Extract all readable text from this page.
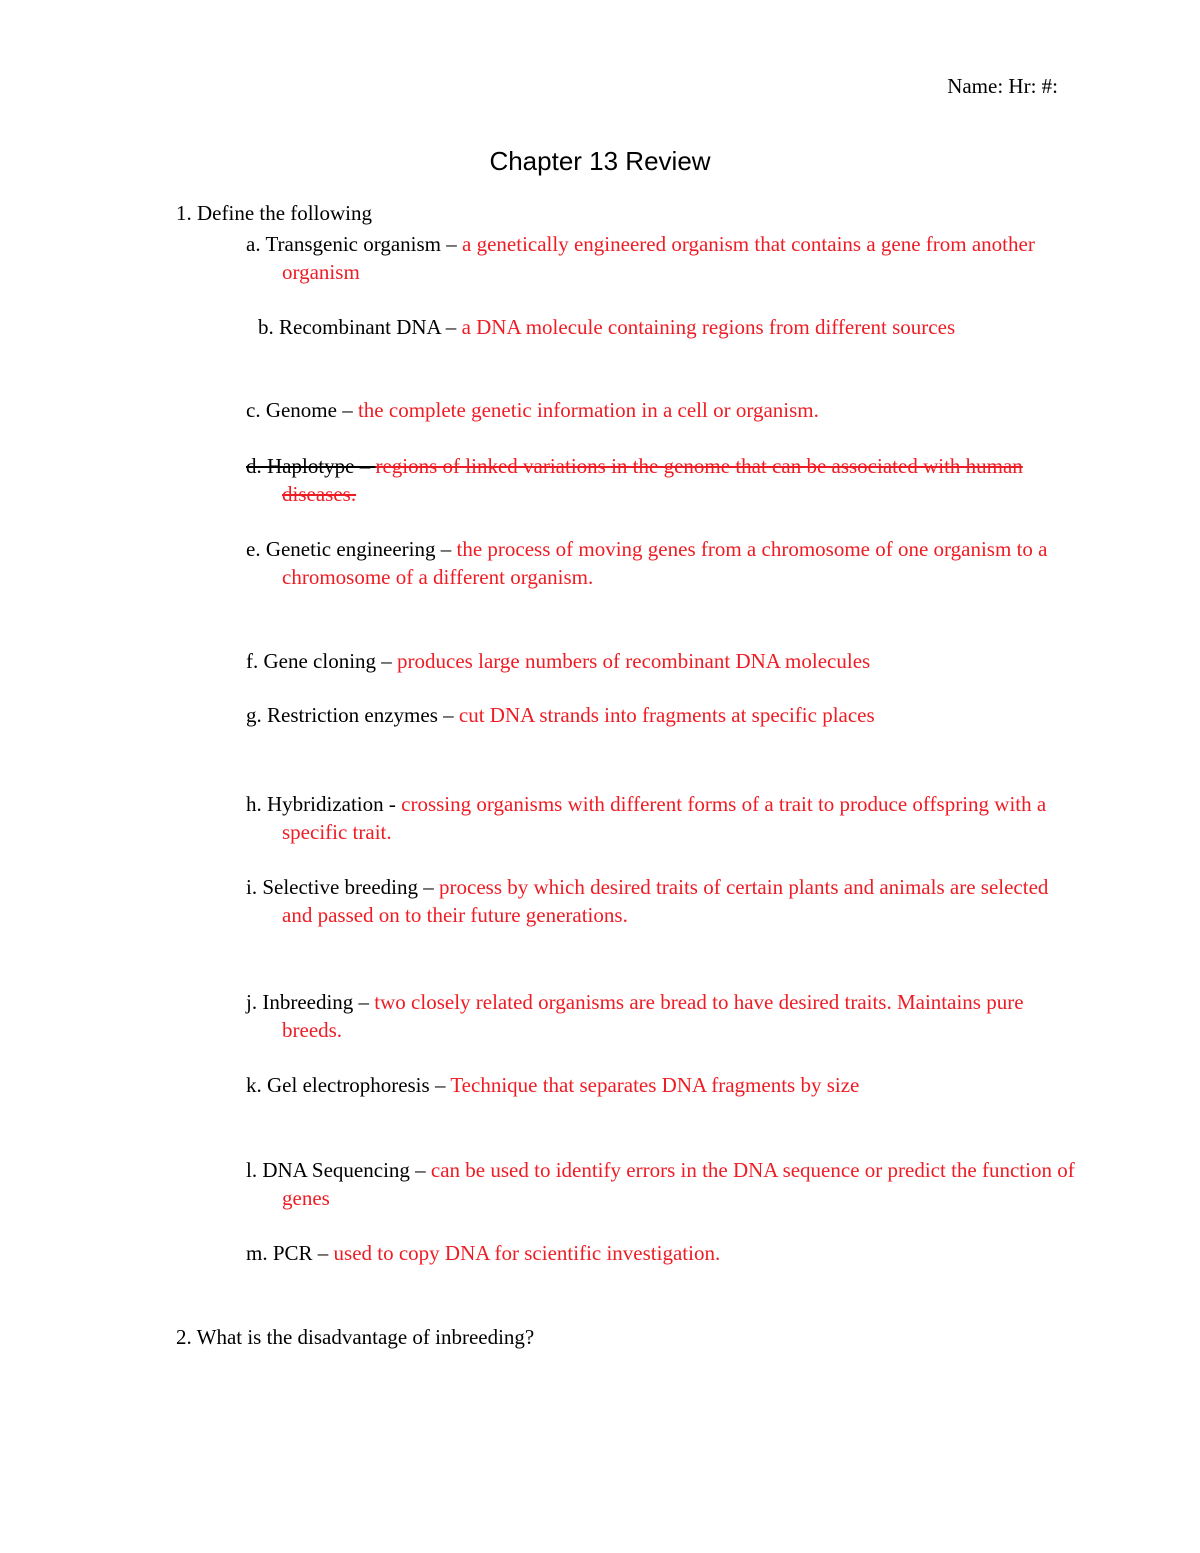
Name: Hr: #:
Chapter 13 Review
1. Define the following
a. Transgenic organism – a genetically engineered organism that contains a gene from another organism
b. Recombinant DNA – a DNA molecule containing regions from different sources
c. Genome – the complete genetic information in a cell or organism.
d. Haplotype – regions of linked variations in the genome that can be associated with human diseases.
e. Genetic engineering – the process of moving genes from a chromosome of one organism to a chromosome of a different organism.
f. Gene cloning – produces large numbers of recombinant DNA molecules
g. Restriction enzymes – cut DNA strands into fragments at specific places
h. Hybridization - crossing organisms with different forms of a trait to produce offspring with a specific trait.
i. Selective breeding – process by which desired traits of certain plants and animals are selected and passed on to their future generations.
j. Inbreeding – two closely related organisms are bread to have desired traits. Maintains pure breeds.
k. Gel electrophoresis – Technique that separates DNA fragments by size
l. DNA Sequencing – can be used to identify errors in the DNA sequence or predict the function of genes
m. PCR – used to copy DNA for scientific investigation.
2. What is the disadvantage of inbreeding?
